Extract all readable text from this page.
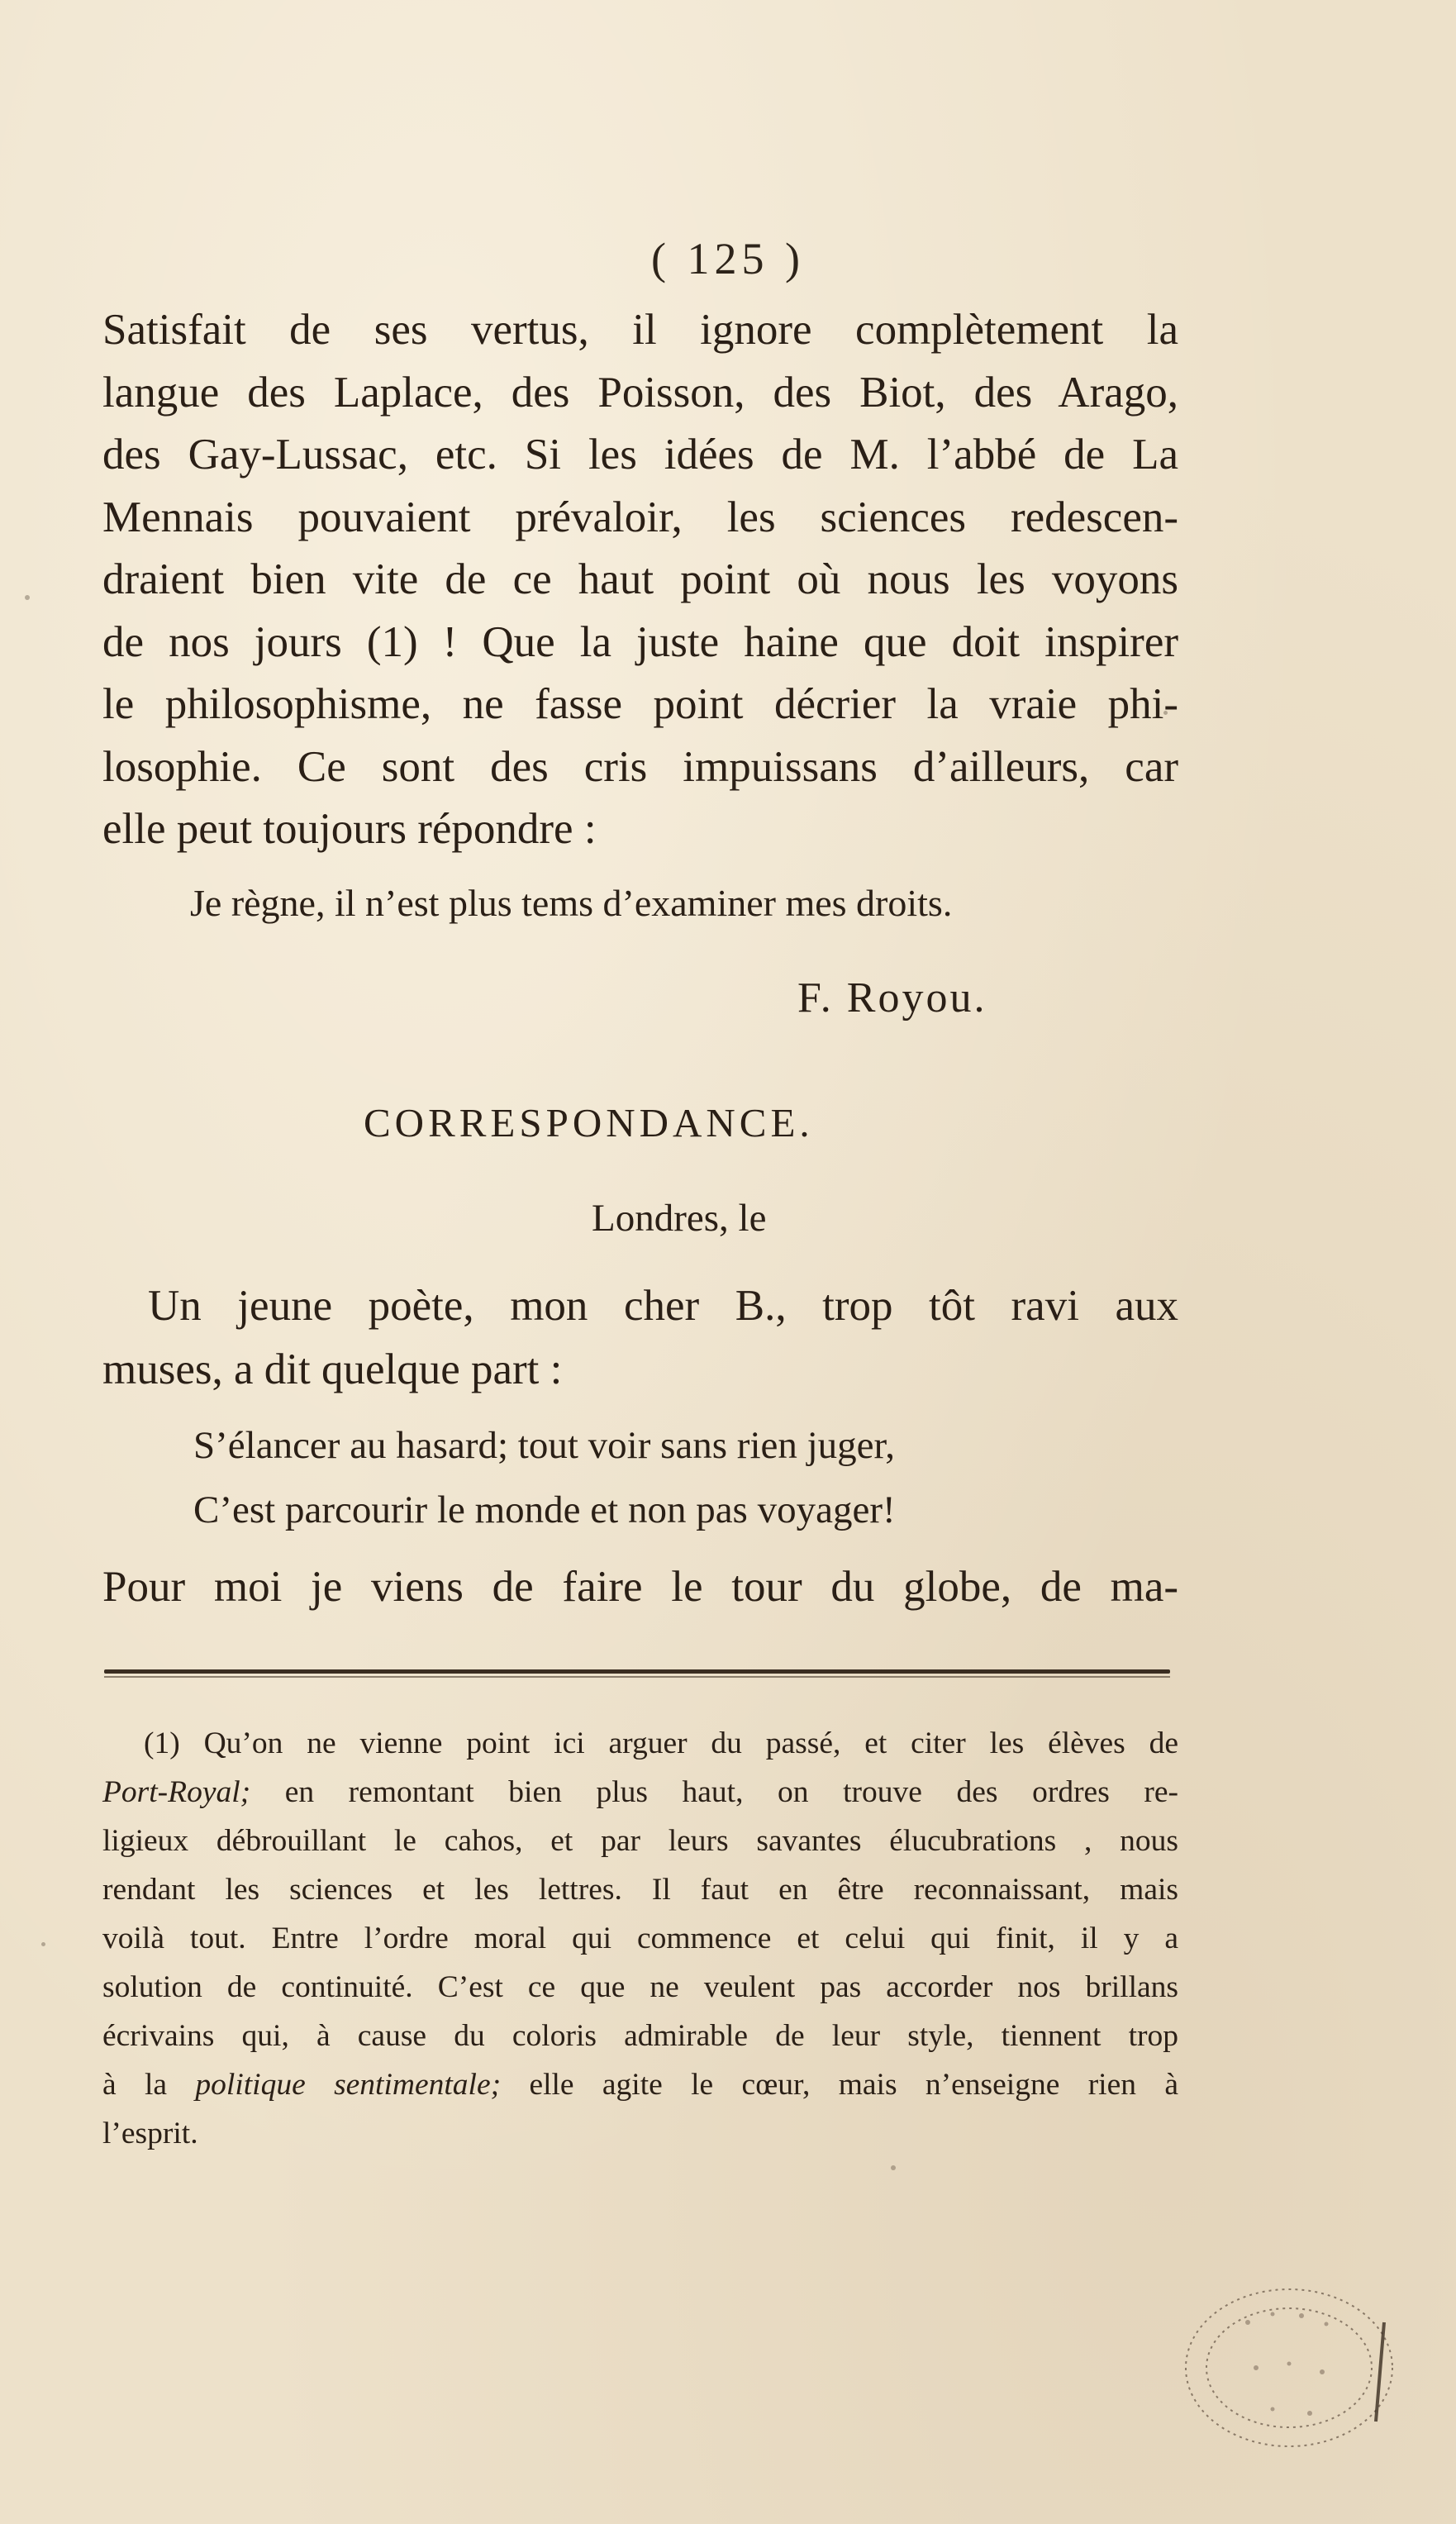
( 125 )
Satisfait de ses vertus, il ignore complètement la
langue des Laplace, des Poisson, des Biot, des Arago,
des Gay-Lussac, etc. Si les idées de M. l’abbé de La
Mennais pouvaient prévaloir, les sciences redescen-
draient bien vite de ce haut point où nous les voyons
de nos jours (1) ! Que la juste haine que doit inspirer
le philosophisme, ne fasse point décrier la vraie phi-
losophie. Ce sont des cris impuissans d’ailleurs, car
elle peut toujours répondre :
Je règne, il n’est plus tems d’examiner mes droits.
F. Royou.
CORRESPONDANCE.
Londres, le
Un jeune poète, mon cher B., trop tôt ravi aux
muses, a dit quelque part :
S’élancer au hasard; tout voir sans rien juger,
C’est parcourir le monde et non pas voyager!
Pour moi je viens de faire le tour du globe, de ma-
(1) Qu’on ne vienne point ici arguer du passé, et citer les élèves de
Port-Royal; en remontant bien plus haut, on trouve des ordres re-
ligieux débrouillant le cahos, et par leurs savantes élucubrations , nous
rendant les sciences et les lettres. Il faut en être reconnaissant, mais
voilà tout. Entre l’ordre moral qui commence et celui qui finit, il y a
solution de continuité. C’est ce que ne veulent pas accorder nos brillans
écrivains qui, à cause du coloris admirable de leur style, tiennent trop
à la politique sentimentale; elle agite le cœur, mais n’enseigne rien à
l’esprit.
